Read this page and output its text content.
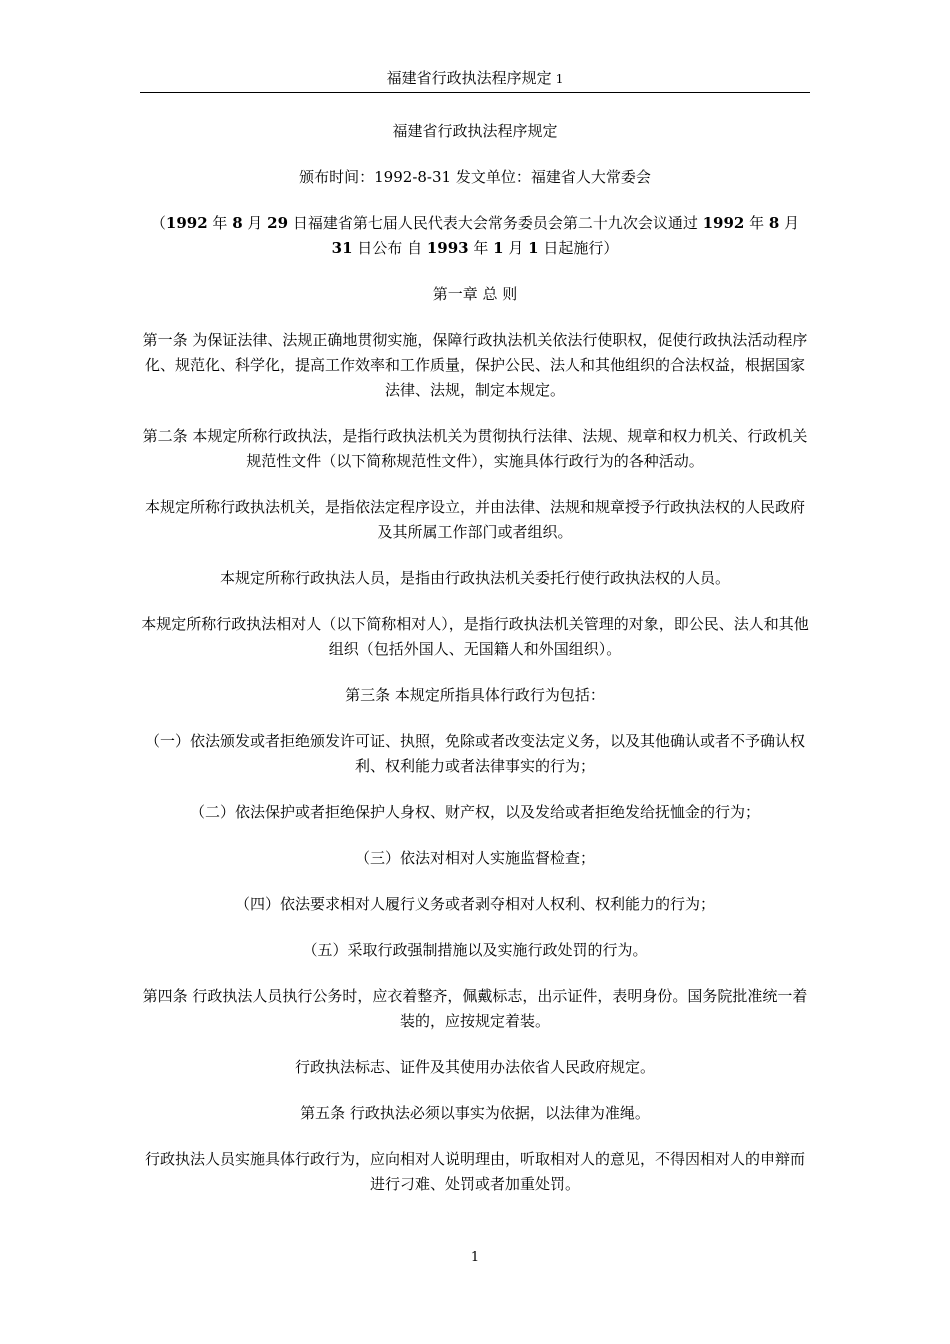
福建省行政执法程序规定 1

福建省行政执法程序规定

颁布时间：1992-8-31 发文单位：福建省人大常委会

（1992 年 8 月 29 日福建省第七届人民代表大会常务委员会第二十九次会议通过 1992 年 8 月 31 日公布 自 1993 年 1 月 1 日起施行）

第一章 总 则

第一条 为保证法律、法规正确地贯彻实施，保障行政执法机关依法行使职权，促使行政执法活动程序化、规范化、科学化，提高工作效率和工作质量，保护公民、法人和其他组织的合法权益，根据国家法律、法规，制定本规定。

第二条 本规定所称行政执法，是指行政执法机关为贯彻执行法律、法规、规章和权力机关、行政机关规范性文件（以下简称规范性文件），实施具体行政行为的各种活动。

本规定所称行政执法机关，是指依法定程序设立，并由法律、法规和规章授予行政执法权的人民政府及其所属工作部门或者组织。

本规定所称行政执法人员，是指由行政执法机关委托行使行政执法权的人员。

本规定所称行政执法相对人（以下简称相对人），是指行政执法机关管理的对象，即公民、法人和其他组织（包括外国人、无国籍人和外国组织）。

第三条 本规定所指具体行政行为包括：

（一）依法颁发或者拒绝颁发许可证、执照，免除或者改变法定义务，以及其他确认或者不予确认权利、权利能力或者法律事实的行为；

（二）依法保护或者拒绝保护人身权、财产权，以及发给或者拒绝发给抚恤金的行为；

（三）依法对相对人实施监督检查；

（四）依法要求相对人履行义务或者剥夺相对人权利、权利能力的行为；

（五）采取行政强制措施以及实施行政处罚的行为。

第四条 行政执法人员执行公务时，应衣着整齐，佩戴标志，出示证件，表明身份。国务院批准统一着装的，应按规定着装。

行政执法标志、证件及其使用办法依省人民政府规定。

第五条 行政执法必须以事实为依据，以法律为准绳。

行政执法人员实施具体行政行为，应向相对人说明理由，听取相对人的意见，不得因相对人的申辩而进行刁难、处罚或者加重处罚。

1
